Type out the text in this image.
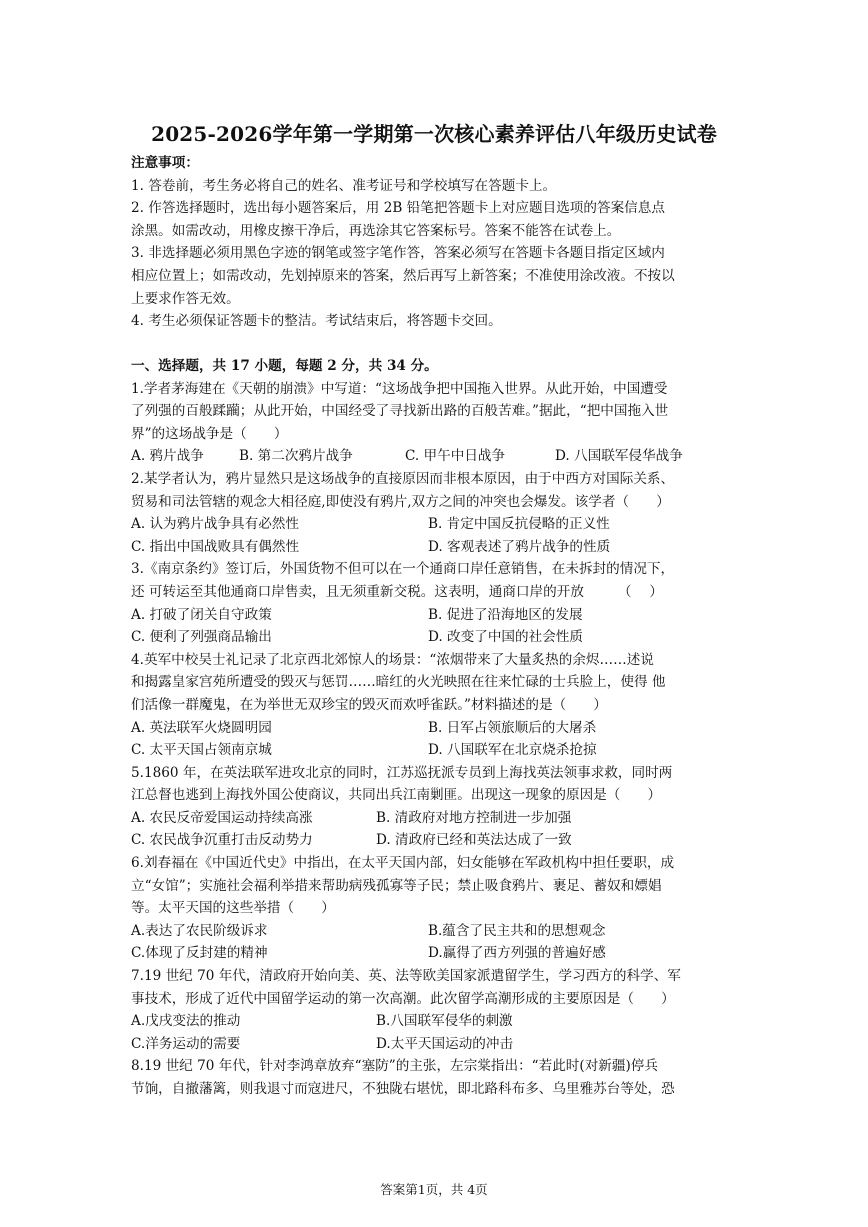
2025-2026学年第一学期第一次核心素养评估八年级历史试卷
注意事项：
1. 答卷前，考生务必将自己的姓名、准考证号和学校填写在答题卡上。
2. 作答选择题时，选出每小题答案后，用 2B 铅笔把答题卡上对应题目选项的答案信息点
涂黑。如需改动，用橡皮擦干净后，再选涂其它答案标号。答案不能答在试卷上。
3. 非选择题必须用黑色字迹的钢笔或签字笔作答，答案必须写在答题卡各题目指定区域内
相应位置上；如需改动，先划掉原来的答案，然后再写上新答案；不准使用涂改液。不按以
上要求作答无效。
4. 考生必须保证答题卡的整洁。考试结束后，将答题卡交回。
一、选择题，共 17 小题，每题 2 分，共 34 分。
1.学者茅海建在《天朝的崩溃》中写道：“这场战争把中国拖入世界。从此开始，中国遭受
了列强的百般蹂躏；从此开始，中国经受了寻找新出路的百般苦难。”据此，“把中国拖入世
界”的这场战争是（　　）
A. 鸦片战争	B. 第二次鸦片战争	C. 甲午中日战争	D. 八国联军侵华战争
2.某学者认为，鸦片显然只是这场战争的直接原因而非根本原因，由于中西方对国际关系、
贸易和司法管辖的观念大相径庭,即使没有鸦片,双方之间的冲突也会爆发。该学者（　　）
A. 认为鸦片战争具有必然性	B. 肯定中国反抗侵略的正义性
C. 指出中国战败具有偶然性	D. 客观表述了鸦片战争的性质
3.《南京条约》签订后，外国货物不但可以在一个通商口岸任意销售，在未拆封的情况下，
还 可转运至其他通商口岸售卖，且无须重新交税。这表明，通商口岸的开放　　　（　 ）
A. 打破了闭关自守政策	B. 促进了沿海地区的发展
C. 便利了列强商品输出	D. 改变了中国的社会性质
4.英军中校吴士礼记录了北京西北郊惊人的场景：“浓烟带来了大量炙热的余烬……述说
和揭露皇家宫苑所遭受的毁灭与惩罚……暗红的火光映照在往来忙碌的士兵脸上，使得 他
们活像一群魔鬼，在为举世无双珍宝的毁灭而欢呼雀跃。”材料描述的是（　　）
A. 英法联军火烧圆明园	B. 日军占领旅顺后的大屠杀
C. 太平天国占领南京城	D. 八国联军在北京烧杀抢掠
5.1860 年，在英法联军进攻北京的同时，江苏巡抚派专员到上海找英法领事求救，同时两
江总督也逃到上海找外国公使商议，共同出兵江南剿匪。出现这一现象的原因是（　　）
A. 农民反帝爱国运动持续高涨	B. 清政府对地方控制进一步加强
C. 农民战争沉重打击反动势力	D. 清政府已经和英法达成了一致
6.刘春福在《中国近代史》中指出，在太平天国内部，妇女能够在军政机构中担任要职，成
立“女馆”；实施社会福利举措来帮助病残孤寡等子民；禁止吸食鸦片、裹足、蓄奴和嫖娼
等。太平天国的这些举措（　　）
A.表达了农民阶级诉求	B.蕴含了民主共和的思想观念
C.体现了反封建的精神	D.赢得了西方列强的普遍好感
7.19 世纪 70 年代，清政府开始向美、英、法等欧美国家派遣留学生，学习西方的科学、军
事技术，形成了近代中国留学运动的第一次高潮。此次留学高潮形成的主要原因是（　　）
A.戊戌变法的推动	B.八国联军侵华的刺激
C.洋务运动的需要	D.太平天国运动的冲击
8.19 世纪 70 年代，针对李鸿章放弃“塞防”的主张，左宗棠指出：“若此时(对新疆)停兵
节饷，自撤藩篱，则我退寸而寇进尺，不独陇右堪忧，即北路科布多、乌里雅苏台等处，恐
答案第1页，共 4页
